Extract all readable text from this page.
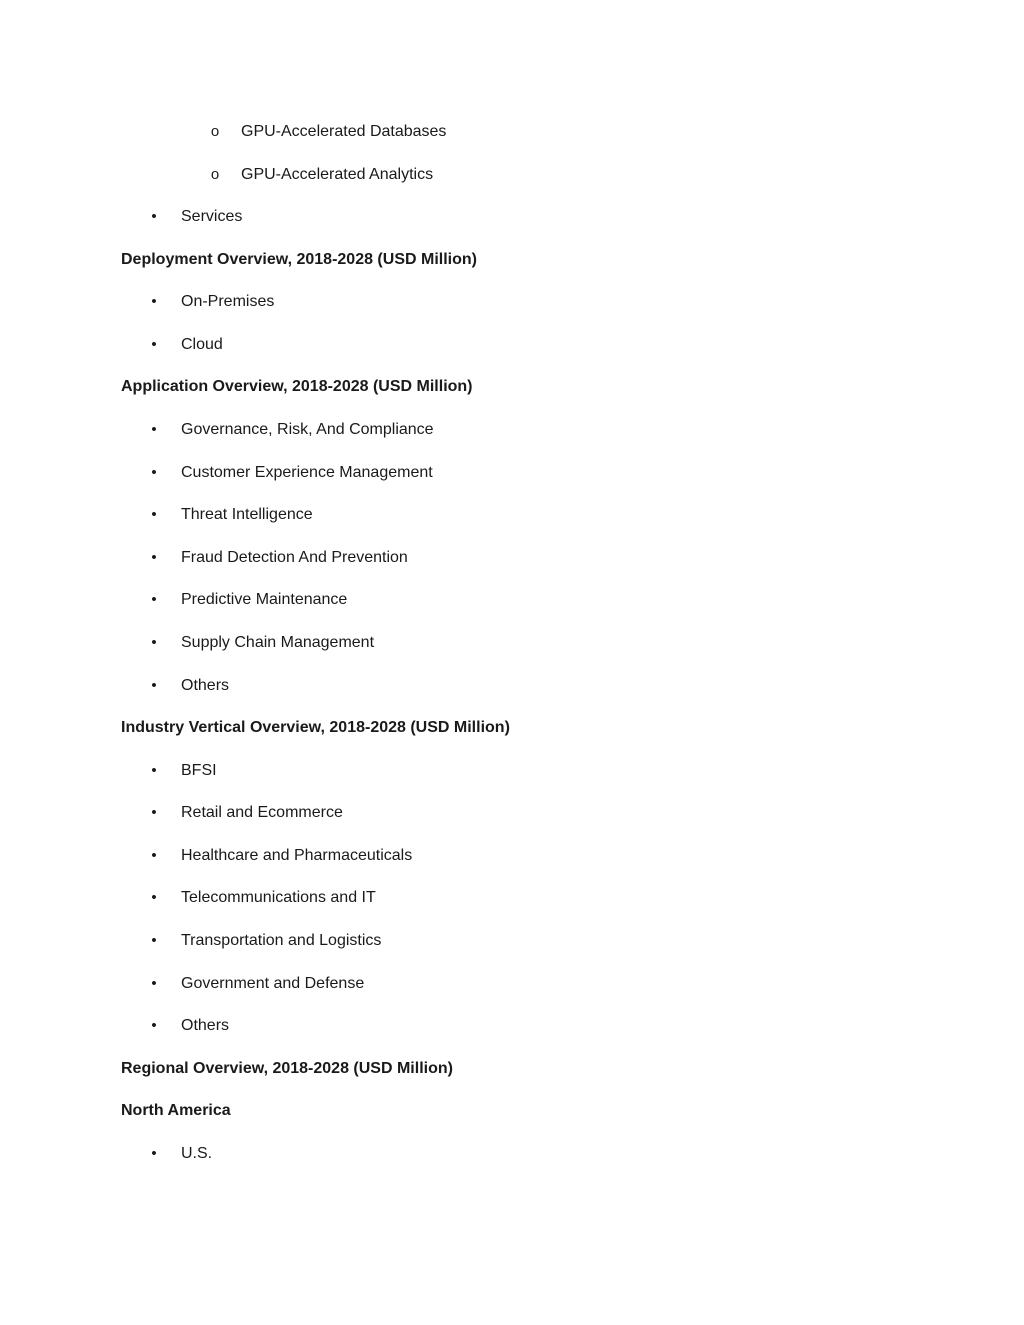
o GPU-Accelerated Databases
o GPU-Accelerated Analytics
• Services
Deployment Overview, 2018-2028 (USD Million)
• On-Premises
• Cloud
Application Overview, 2018-2028 (USD Million)
• Governance, Risk, And Compliance
• Customer Experience Management
• Threat Intelligence
• Fraud Detection And Prevention
• Predictive Maintenance
• Supply Chain Management
• Others
Industry Vertical Overview, 2018-2028 (USD Million)
• BFSI
• Retail and Ecommerce
• Healthcare and Pharmaceuticals
• Telecommunications and IT
• Transportation and Logistics
• Government and Defense
• Others
Regional Overview, 2018-2028 (USD Million)
North America
• U.S.
